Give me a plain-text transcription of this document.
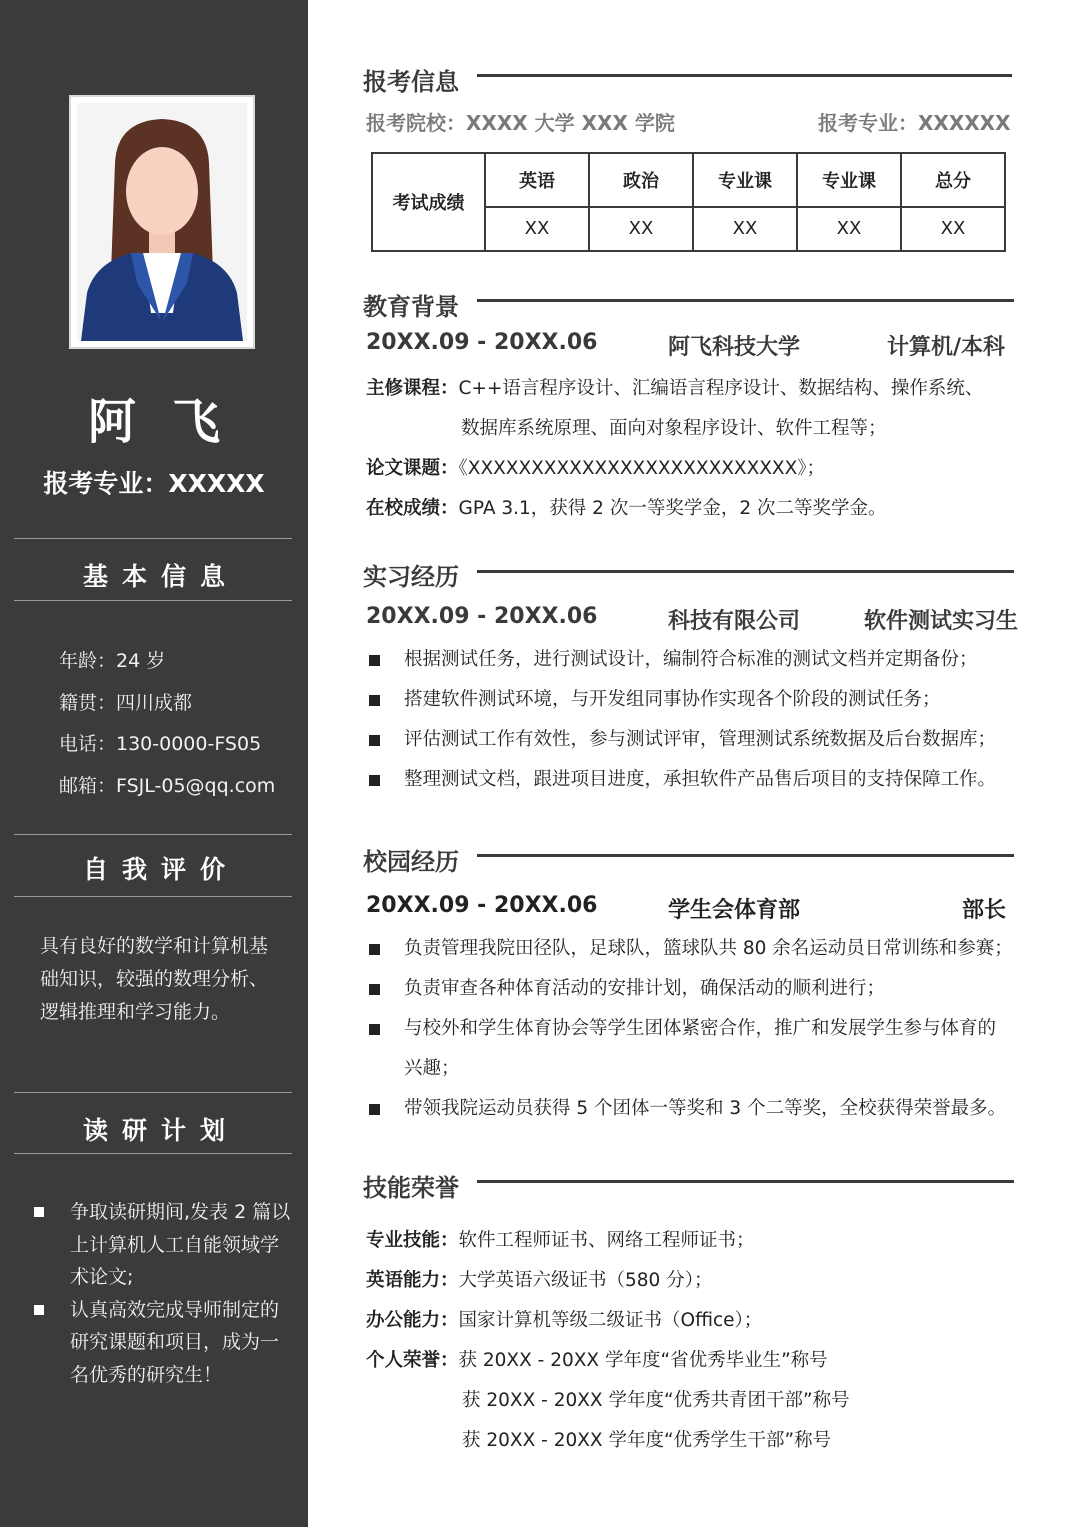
阿飞
报考专业：XXXXX
基本信息
年龄：24 岁
籍贯：四川成都
电话：130-0000-FS05
邮箱：FSJL-05@qq.com
自我评价
具有良好的数学和计算机基础知识，较强的数理分析、逻辑推理和学习能力。
读研计划
争取读研期间,发表 2 篇以上计算机人工自能领域学术论文;
认真高效完成导师制定的研究课题和项目，成为一名优秀的研究生！
报考信息
报考院校：XXXX 大学 XXX 学院	报考专业：XXXXXX
考试成绩	英语	政治	专业课	专业课	总分
	XX	XX	XX	XX	XX
教育背景
20XX.09 - 20XX.06	阿飞科技大学	计算机/本科
主修课程：C++语言程序设计、汇编语言程序设计、数据结构、操作系统、
数据库系统原理、面向对象程序设计、软件工程等；
论文课题：《XXXXXXXXXXXXXXXXXXXXXXXXXX》；
在校成绩：GPA 3.1，获得 2 次一等奖学金，2 次二等奖学金。
实习经历
20XX.09 - 20XX.06	科技有限公司	软件测试实习生
根据测试任务，进行测试设计，编制符合标准的测试文档并定期备份；
搭建软件测试环境，与开发组同事协作实现各个阶段的测试任务；
评估测试工作有效性，参与测试评审，管理测试系统数据及后台数据库；
整理测试文档，跟进项目进度，承担软件产品售后项目的支持保障工作。
校园经历
20XX.09 - 20XX.06	学生会体育部	部长
负责管理我院田径队，足球队，篮球队共 80 余名运动员日常训练和参赛；
负责审查各种体育活动的安排计划，确保活动的顺利进行；
与校外和学生体育协会等学生团体紧密合作，推广和发展学生参与体育的
兴趣；
带领我院运动员获得 5 个团体一等奖和 3 个二等奖，全校获得荣誉最多。
技能荣誉
专业技能：软件工程师证书、网络工程师证书；
英语能力：大学英语六级证书（580 分）；
办公能力：国家计算机等级二级证书（Office）；
个人荣誉：获 20XX - 20XX 学年度“省优秀毕业生”称号
获 20XX - 20XX 学年度“优秀共青团干部”称号
获 20XX - 20XX 学年度“优秀学生干部”称号
